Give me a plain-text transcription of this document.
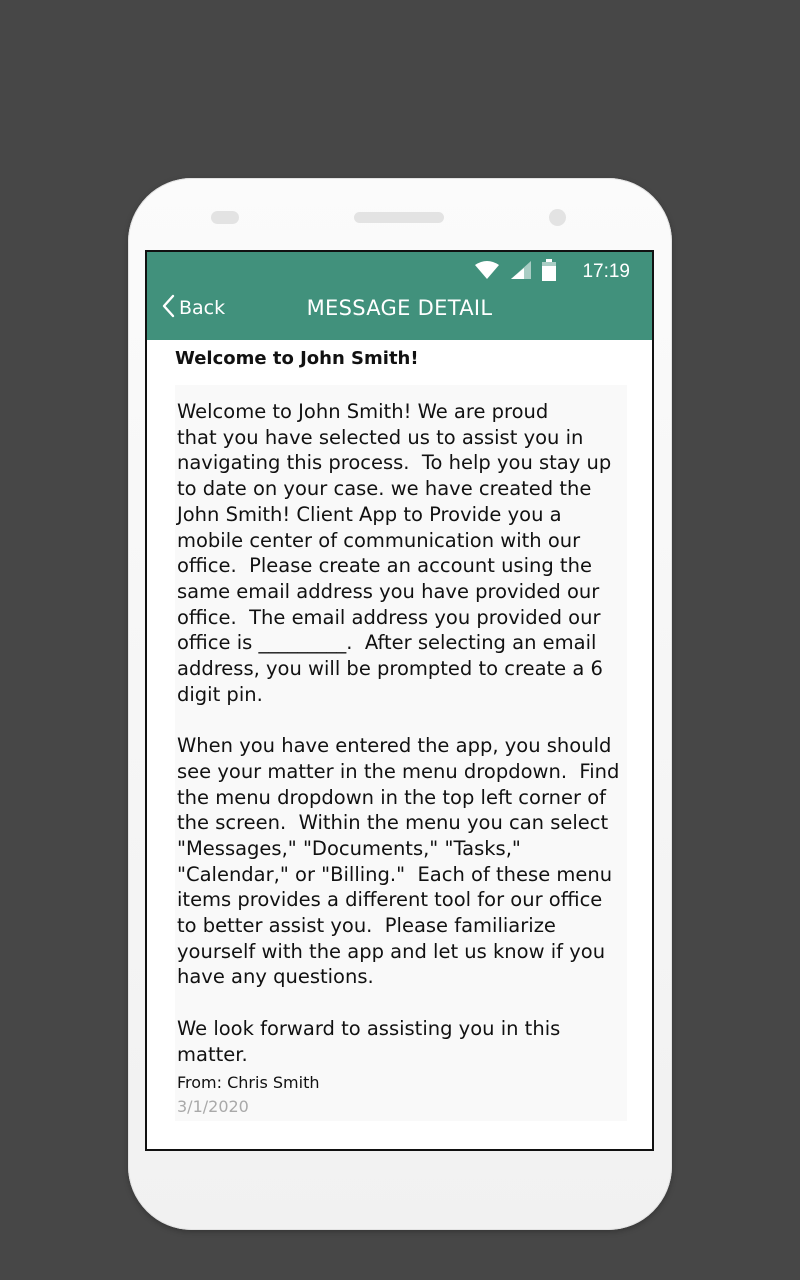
17:19
Back	MESSAGE DETAIL
Welcome to John Smith!

Welcome to John Smith! We are proud
that you have selected us to assist you in
navigating this process.  To help you stay up
to date on your case. we have created the
John Smith! Client App to Provide you a
mobile center of communication with our
office.  Please create an account using the
same email address you have provided our
office.  The email address you provided our
office is _________.  After selecting an email
address, you will be prompted to create a 6
digit pin.

When you have entered the app, you should
see your matter in the menu dropdown.  Find
the menu dropdown in the top left corner of
the screen.  Within the menu you can select
"Messages," "Documents," "Tasks,"
"Calendar," or "Billing."  Each of these menu
items provides a different tool for our office
to better assist you.  Please familiarize
yourself with the app and let us know if you
have any questions.

We look forward to assisting you in this
matter.

From: Chris Smith
3/1/2020
